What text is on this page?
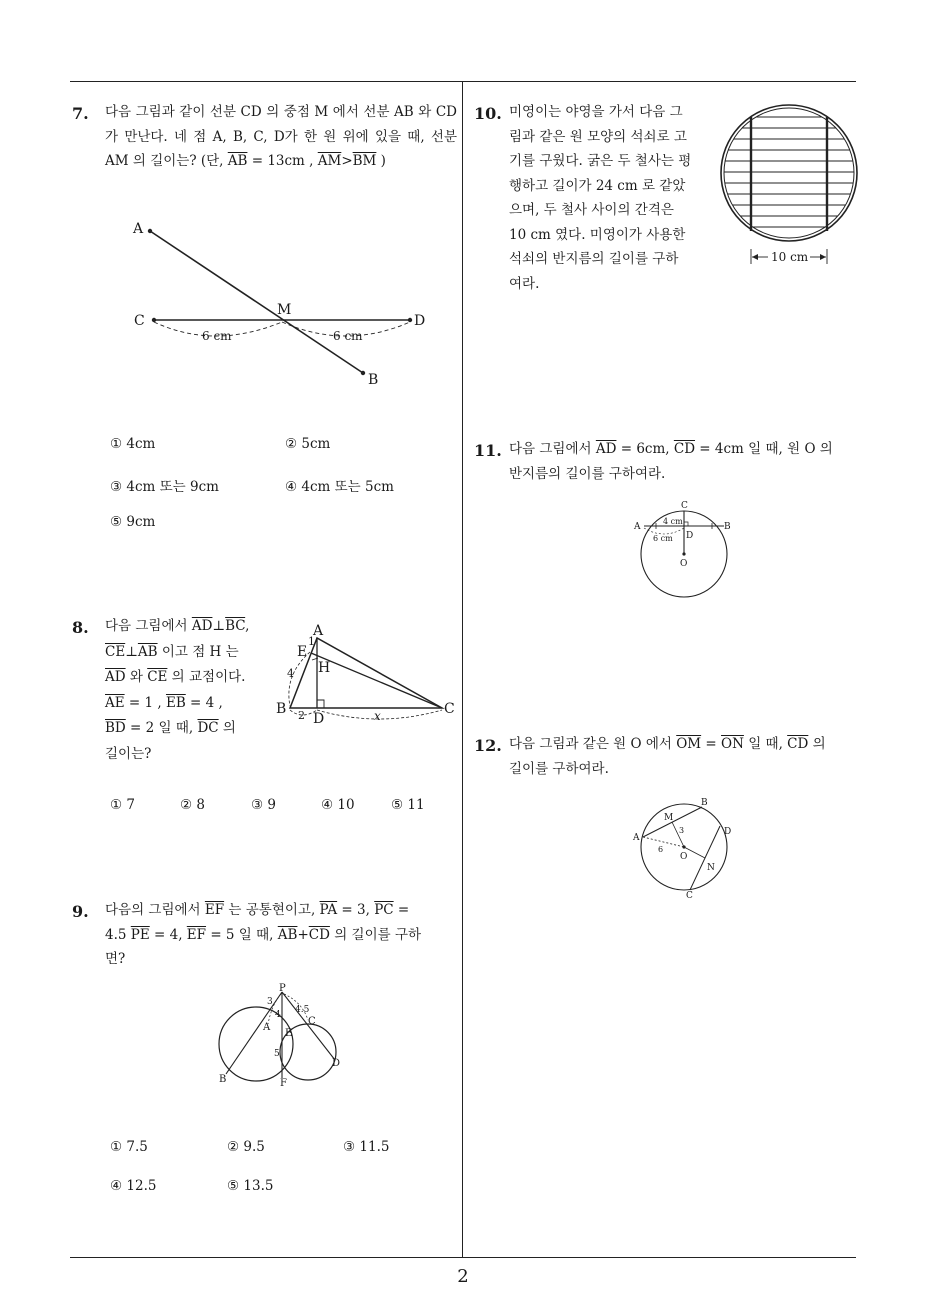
7. 다음 그림과 같이 선분 CD 의 중점 M 에서 선분 AB 와 CD 가 만난다. 네 점 A, B, C, D가 한 원 위에 있을 때, 선분 AM 의 길이는? (단, $\overline{AB} = 13cm$ , $\overline{AM}>\overline{BM}$ )
A
B
C	D
M
6 cm	6 cm
① 4cm	② 5cm
③ 4cm 또는 9cm	④ 4cm 또는 5cm
⑤ 9cm
8. 다음 그림에서 $\overline{AD}\perp\overline{BC}$,
$\overline{CE}\perp\overline{AB}$ 이고 점 H 는
$\overline{AD}$ 와 $\overline{CE}$ 의 교점이다.
$\overline{AE} = 1$ , $\overline{EB} = 4$ ,
$\overline{BD} = 2$ 일 때, $\overline{DC}$ 의
길이는?
A
B	C
D
E
H
1
4
2	x
① 7	② 8	③ 9	④ 10	⑤ 11
9. 다음의 그림에서 $\overline{EF}$ 는 공통현이고, $\overline{PA} = 3$, $\overline{PC}$ =
4.5 $\overline{PE} = 4$, $\overline{EF} = 5$ 일 때, $\overline{AB}+\overline{CD}$ 의 길이를 구하
면?
P
A
B
C
D
E
F
3
4 4.5
5
① 7.5	② 9.5	③ 11.5
④ 12.5	⑤ 13.5
10. 미영이는 야영을 가서 다음 그
림과 같은 원 모양의 석쇠로 고
기를 구웠다. 굵은 두 철사는 평
행하고 길이가 24 cm 로 같았
으며, 두 철사 사이의 간격은
10 cm 였다. 미영이가 사용한
석쇠의 반지름의 길이를 구하
여라.
10 cm
11. 다음 그림에서 $\overline{AD} = 6cm$, $\overline{CD} = 4cm$ 일 때, 원 O 의
반지름의 길이를 구하여라.
A	B
C
D
O
4 cm
6 cm
12. 다음 그림과 같은 원 O 에서 $\overline{OM} = \overline{ON}$ 일 때, $\overline{CD}$ 의
길이를 구하여라.
A
B
C
D
M
N
O
6
3
2
